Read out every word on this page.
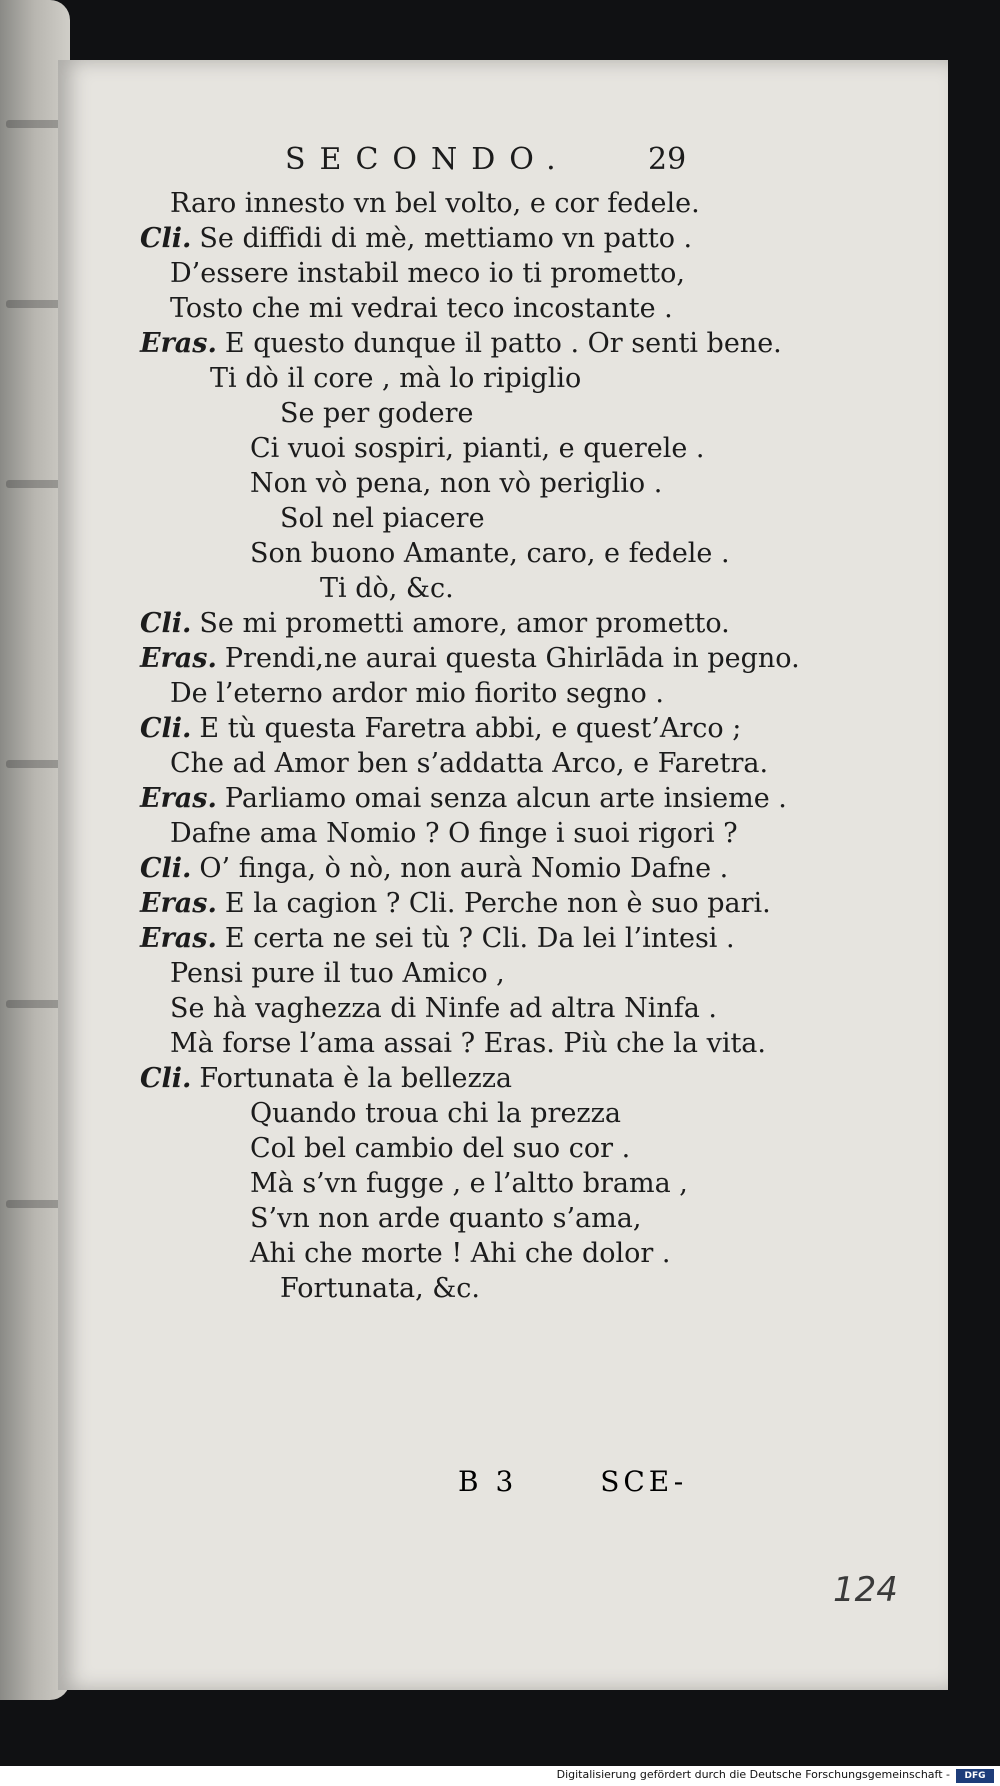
SECONDO.	29
Raro innesto vn bel volto, e cor fedele.
Cli. Se diffidi di mè, mettiamo vn patto .
D’essere instabil meco io ti prometto,
Tosto che mi vedrai teco incostante .
Eras. E questo dunque il patto . Or senti bene.
Ti dò il core , mà lo ripiglio
Se per godere
Ci vuoi sospiri, pianti, e querele .
Non vò pena, non vò periglio .
Sol nel piacere
Son buono Amante, caro, e fedele .
Ti dò, &c.
Cli. Se mi prometti amore, amor prometto.
Eras. Prendi,ne aurai questa Ghirlāda in pegno.
De l’eterno ardor mio fiorito segno .
Cli. E tù questa Faretra abbi, e quest’Arco ;
Che ad Amor ben s’addatta Arco, e Faretra.
Eras. Parliamo omai senza alcun arte insieme .
Dafne ama Nomio ? O finge i suoi rigori ?
Cli. O’ finga, ò nò, non aurà Nomio Dafne .
Eras. E la cagion ? Cli. Perche non è suo pari.
Eras. E certa ne sei tù ? Cli. Da lei l’intesi .
Pensi pure il tuo Amico ,
Se hà vaghezza di Ninfe ad altra Ninfa .
Mà forse l’ama assai ? Eras. Più che la vita.
Cli. Fortunata è la bellezza
Quando troua chi la prezza
Col bel cambio del suo cor .
Mà s’vn fugge , e l’altto brama ,
S’vn non arde quanto s’ama,
Ahi che morte ! Ahi che dolor .
Fortunata, &c.
B 3	SCE-
124
Digitalisierung gefördert durch die Deutsche Forschungsgemeinschaft -	DFG
